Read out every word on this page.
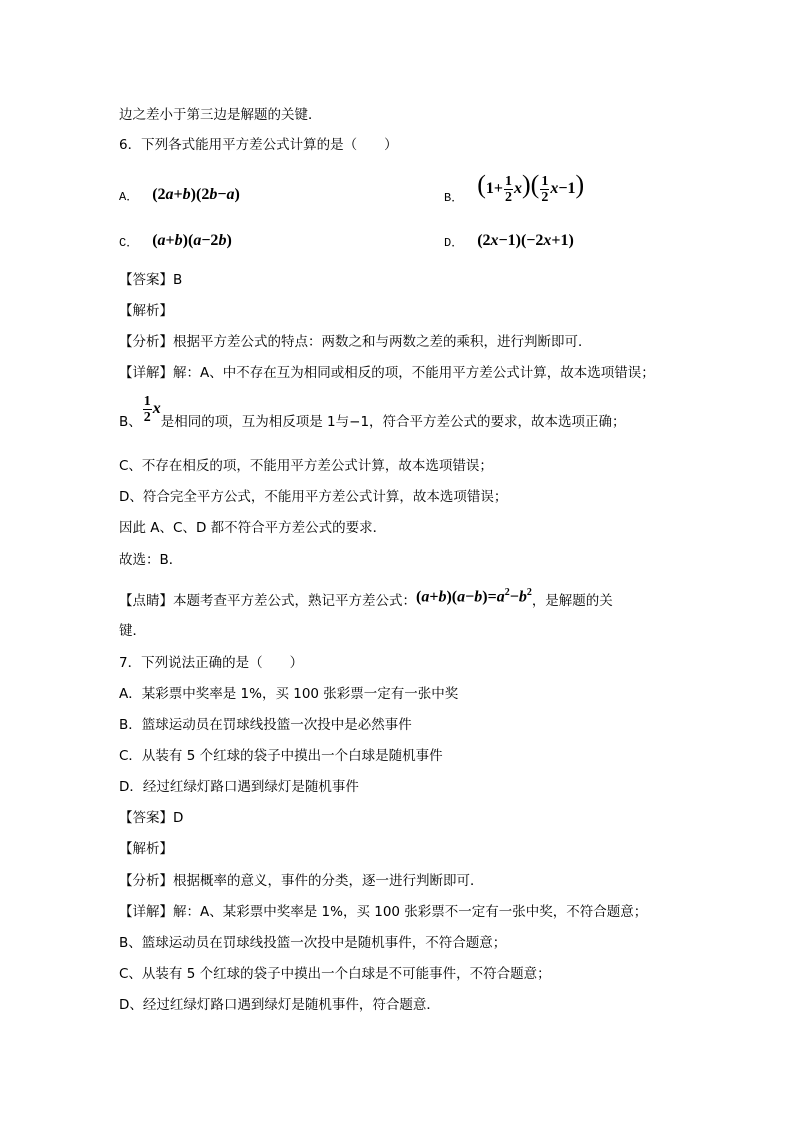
边之差小于第三边是解题的关键．
6．下列各式能用平方差公式计算的是（　　）
A． (2a+b)(2b−a)	B． $(1+ \frac{1}{2} x)( \frac{1}{2} x-1)$
C． (a+b)(a−2b)	D． (2x−1)(−2x+1)
【答案】B
【解析】
【分析】根据平方差公式的特点：两数之和与两数之差的乘积，进行判断即可．
【详解】解：A、中不存在互为相同或相反的项，不能用平方差公式计算，故本选项错误；
B、 $\frac{1}{2}$ x
是相同的项，互为相反项是 1与−1，符合平方差公式的要求，故本选项正确；
C、不存在相反的项，不能用平方差公式计算，故本选项错误；
D、符合完全平方公式，不能用平方差公式计算，故本选项错误；
因此 A、C、D 都不符合平方差公式的要求．
故选：B．
【点睛】本题考查平方差公式，熟记平方差公式： $(a+b)(a-b)=a^2-b^2$
，是解题的关
键．
7．下列说法正确的是（　　）
A．某彩票中奖率是 1%，买 100 张彩票一定有一张中奖
B．篮球运动员在罚球线投篮一次投中是必然事件
C．从装有 5 个红球的袋子中摸出一个白球是随机事件
D．经过红绿灯路口遇到绿灯是随机事件
【答案】D
【解析】
【分析】根据概率的意义，事件的分类，逐一进行判断即可．
【详解】解：A、某彩票中奖率是 1%，买 100 张彩票不一定有一张中奖，不符合题意；
B、篮球运动员在罚球线投篮一次投中是随机事件，不符合题意；
C、从装有 5 个红球的袋子中摸出一个白球是不可能事件，不符合题意；
D、经过红绿灯路口遇到绿灯是随机事件，符合题意．
